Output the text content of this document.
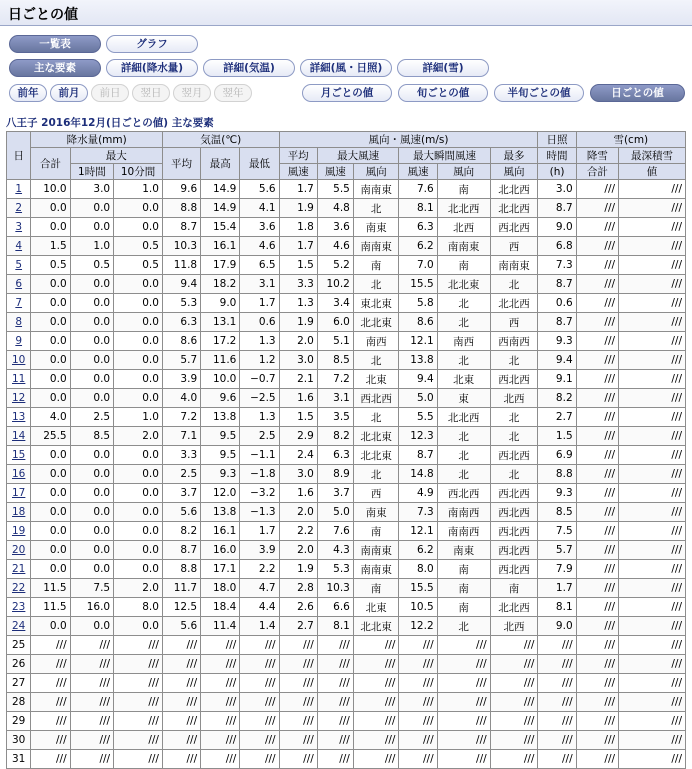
日ごとの値
一覧表	グラフ
主な要素	詳細(降水量)	詳細(気温)	詳細(風・日照)	詳細(雪)
前年	前月	前日	翌日	翌月	翌年	月ごとの値	旬ごとの値	半旬ごとの値	日ごとの値
八王子 2016年12月(日ごとの値) 主な要素
日	降水量(mm)			気温(℃)			風向・風速(m/s)						日照	雪(cm)	
	合計	最大		平均	最高	最低	平均	最大風速		最大瞬間風速		最多	時間	降雪	最深積雪
		1時間	10分間				風速	風速	風向	風速	風向	風向	(h)	合計	値
1	10.0	3.0	1.0	9.6	14.9	5.6	1.7	5.5	南南東	7.6	南	北北西	3.0	///	///
2	0.0	0.0	0.0	8.8	14.9	4.1	1.9	4.8	北	8.1	北北西	北北西	8.7	///	///
3	0.0	0.0	0.0	8.7	15.4	3.6	1.8	3.6	南東	6.3	北西	西北西	9.0	///	///
4	1.5	1.0	0.5	10.3	16.1	4.6	1.7	4.6	南南東	6.2	南南東	西	6.8	///	///
5	0.5	0.5	0.5	11.8	17.9	6.5	1.5	5.2	南	7.0	南	南南東	7.3	///	///
6	0.0	0.0	0.0	9.4	18.2	3.1	3.3	10.2	北	15.5	北北東	北	8.7	///	///
7	0.0	0.0	0.0	5.3	9.0	1.7	1.3	3.4	東北東	5.8	北	北北西	0.6	///	///
8	0.0	0.0	0.0	6.3	13.1	0.6	1.9	6.0	北北東	8.6	北	西	8.7	///	///
9	0.0	0.0	0.0	8.6	17.2	1.3	2.0	5.1	南西	12.1	南西	西南西	9.3	///	///
10	0.0	0.0	0.0	5.7	11.6	1.2	3.0	8.5	北	13.8	北	北	9.4	///	///
11	0.0	0.0	0.0	3.9	10.0	−0.7	2.1	7.2	北東	9.4	北東	西北西	9.1	///	///
12	0.0	0.0	0.0	4.0	9.6	−2.5	1.6	3.1	西北西	5.0	東	北西	8.2	///	///
13	4.0	2.5	1.0	7.2	13.8	1.3	1.5	3.5	北	5.5	北北西	北	2.7	///	///
14	25.5	8.5	2.0	7.1	9.5	2.5	2.9	8.2	北北東	12.3	北	北	1.5	///	///
15	0.0	0.0	0.0	3.3	9.5	−1.1	2.4	6.3	北北東	8.7	北	西北西	6.9	///	///
16	0.0	0.0	0.0	2.5	9.3	−1.8	3.0	8.9	北	14.8	北	北	8.8	///	///
17	0.0	0.0	0.0	3.7	12.0	−3.2	1.6	3.7	西	4.9	西北西	西北西	9.3	///	///
18	0.0	0.0	0.0	5.6	13.8	−1.3	2.0	5.0	南東	7.3	南南西	西北西	8.5	///	///
19	0.0	0.0	0.0	8.2	16.1	1.7	2.2	7.6	南	12.1	南南西	西北西	7.5	///	///
20	0.0	0.0	0.0	8.7	16.0	3.9	2.0	4.3	南南東	6.2	南東	西北西	5.7	///	///
21	0.0	0.0	0.0	8.8	17.1	2.2	1.9	5.3	南南東	8.0	南	西北西	7.9	///	///
22	11.5	7.5	2.0	11.7	18.0	4.7	2.8	10.3	南	15.5	南	南	1.7	///	///
23	11.5	16.0	8.0	12.5	18.4	4.4	2.6	6.6	北東	10.5	南	北北西	8.1	///	///
24	0.0	0.0	0.0	5.6	11.4	1.4	2.7	8.1	北北東	12.2	北	北西	9.0	///	///
25	///	///	///	///	///	///	///	///	///	///	///	///	///	///	///
26	///	///	///	///	///	///	///	///	///	///	///	///	///	///	///
27	///	///	///	///	///	///	///	///	///	///	///	///	///	///	///
28	///	///	///	///	///	///	///	///	///	///	///	///	///	///	///
29	///	///	///	///	///	///	///	///	///	///	///	///	///	///	///
30	///	///	///	///	///	///	///	///	///	///	///	///	///	///	///
31	///	///	///	///	///	///	///	///	///	///	///	///	///	///	///
